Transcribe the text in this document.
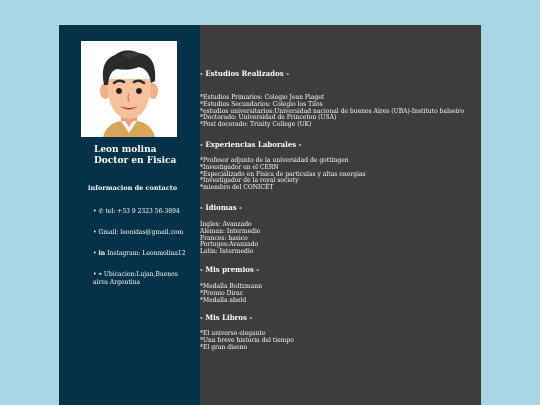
Leon molina
Doctor en Fisica
informacion de contacto
• ✆ tel: +53 9 2323 56-3894
• Gmail: leonidas@gmail.com
• in Instagram: Leonmolina12
• ⌖ Ubicacion:Lujan,Buenos aires Argentina
- Estudios Realizados -
*Estudios Primarios: Colegio Jean Piaget
*Estudios Secundarios: Colegio los Tilos
*estudios universitarios:Universidad nacional de buenos Aires (UBA)-Instituto balseiro
*Doctorado: Universidad de Princeton (USA)
*Post docorado: Trinity College (UK)
- Experiencias Laborales -
*Profesor adjunto de la universidad de gottingen
*Investigador en el CERN
*Especializado en Fisica de particulas y altas energias
*Investigador de la royal society
*miembro del CONICET
- Idiomas -
Ingles: Avanzado
Aleman: Intermedio
Frances: basico
Portuges:Avanzado
Latin: Intermedio
- Mis premios -
*Medalla Boltzmann
*Premio Dirac
*Medalla abeld
- Mis Libros -
*El universo elegante
*Una breve historia del tiempo
*El gran diseno
